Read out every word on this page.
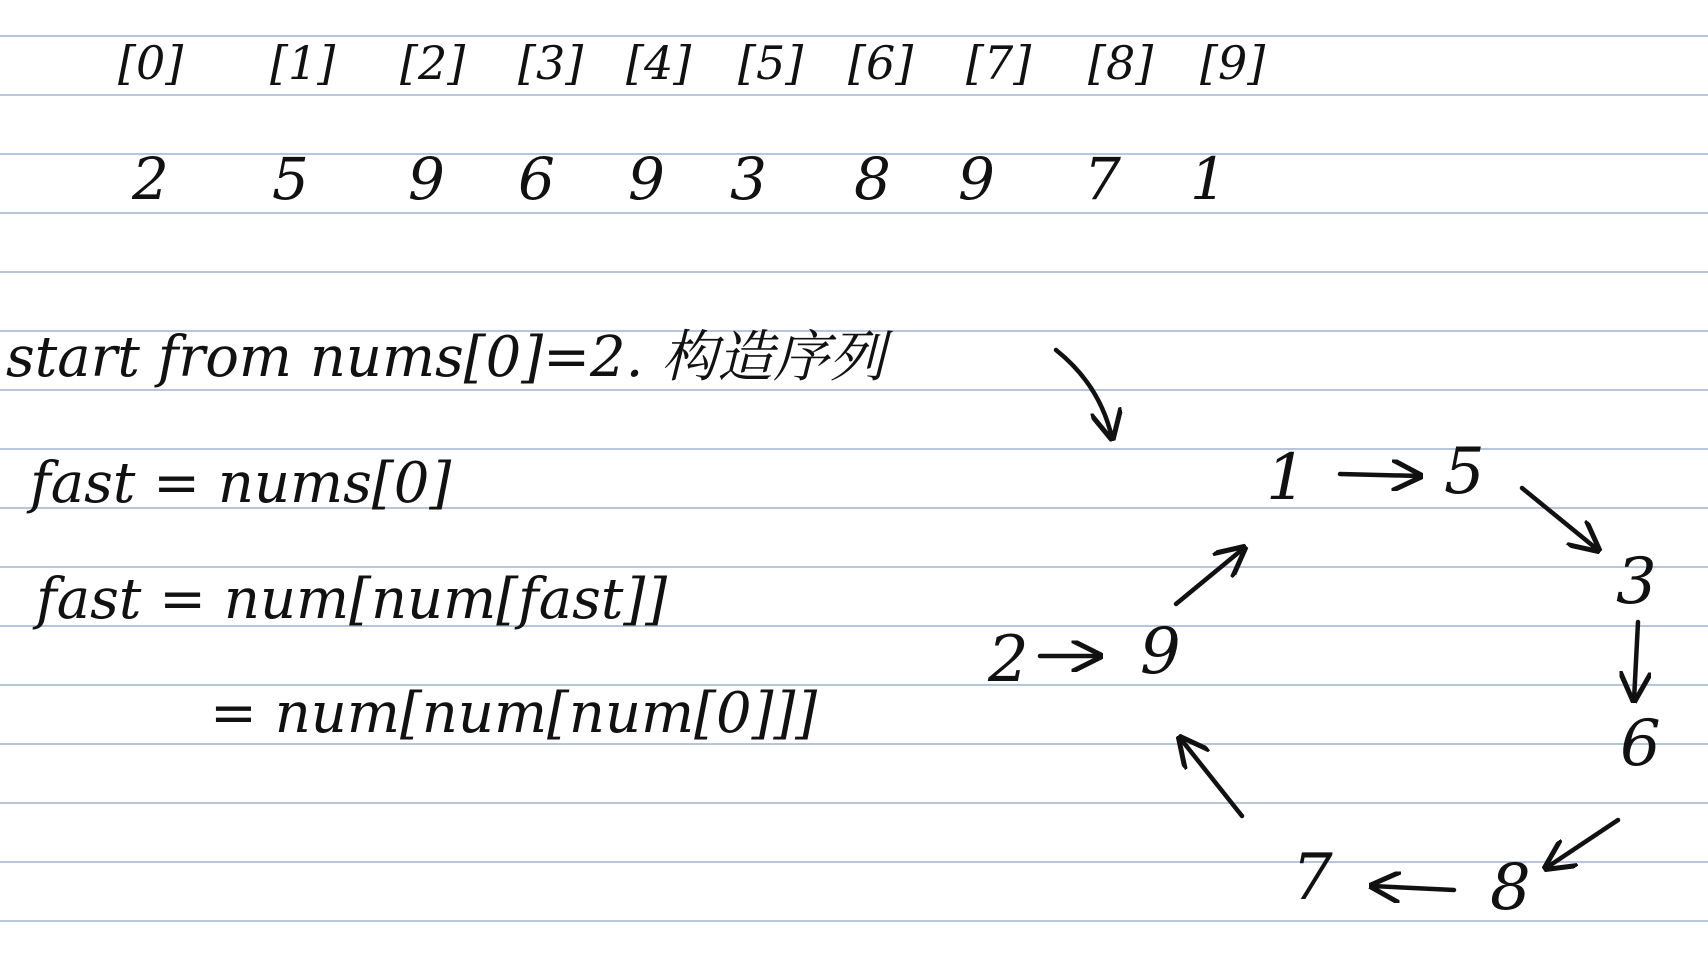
[0] [1] [2] [3] [4] [5] [6] [7] [8] [9]
2 5 9 6 9 3 8 9 7 1
start from nums[0]=2. 构造序列
fast = nums[0]
fast = num[num[fast]]
= num[num[num[0]]]
2 9
1 5
3
6
8
7
